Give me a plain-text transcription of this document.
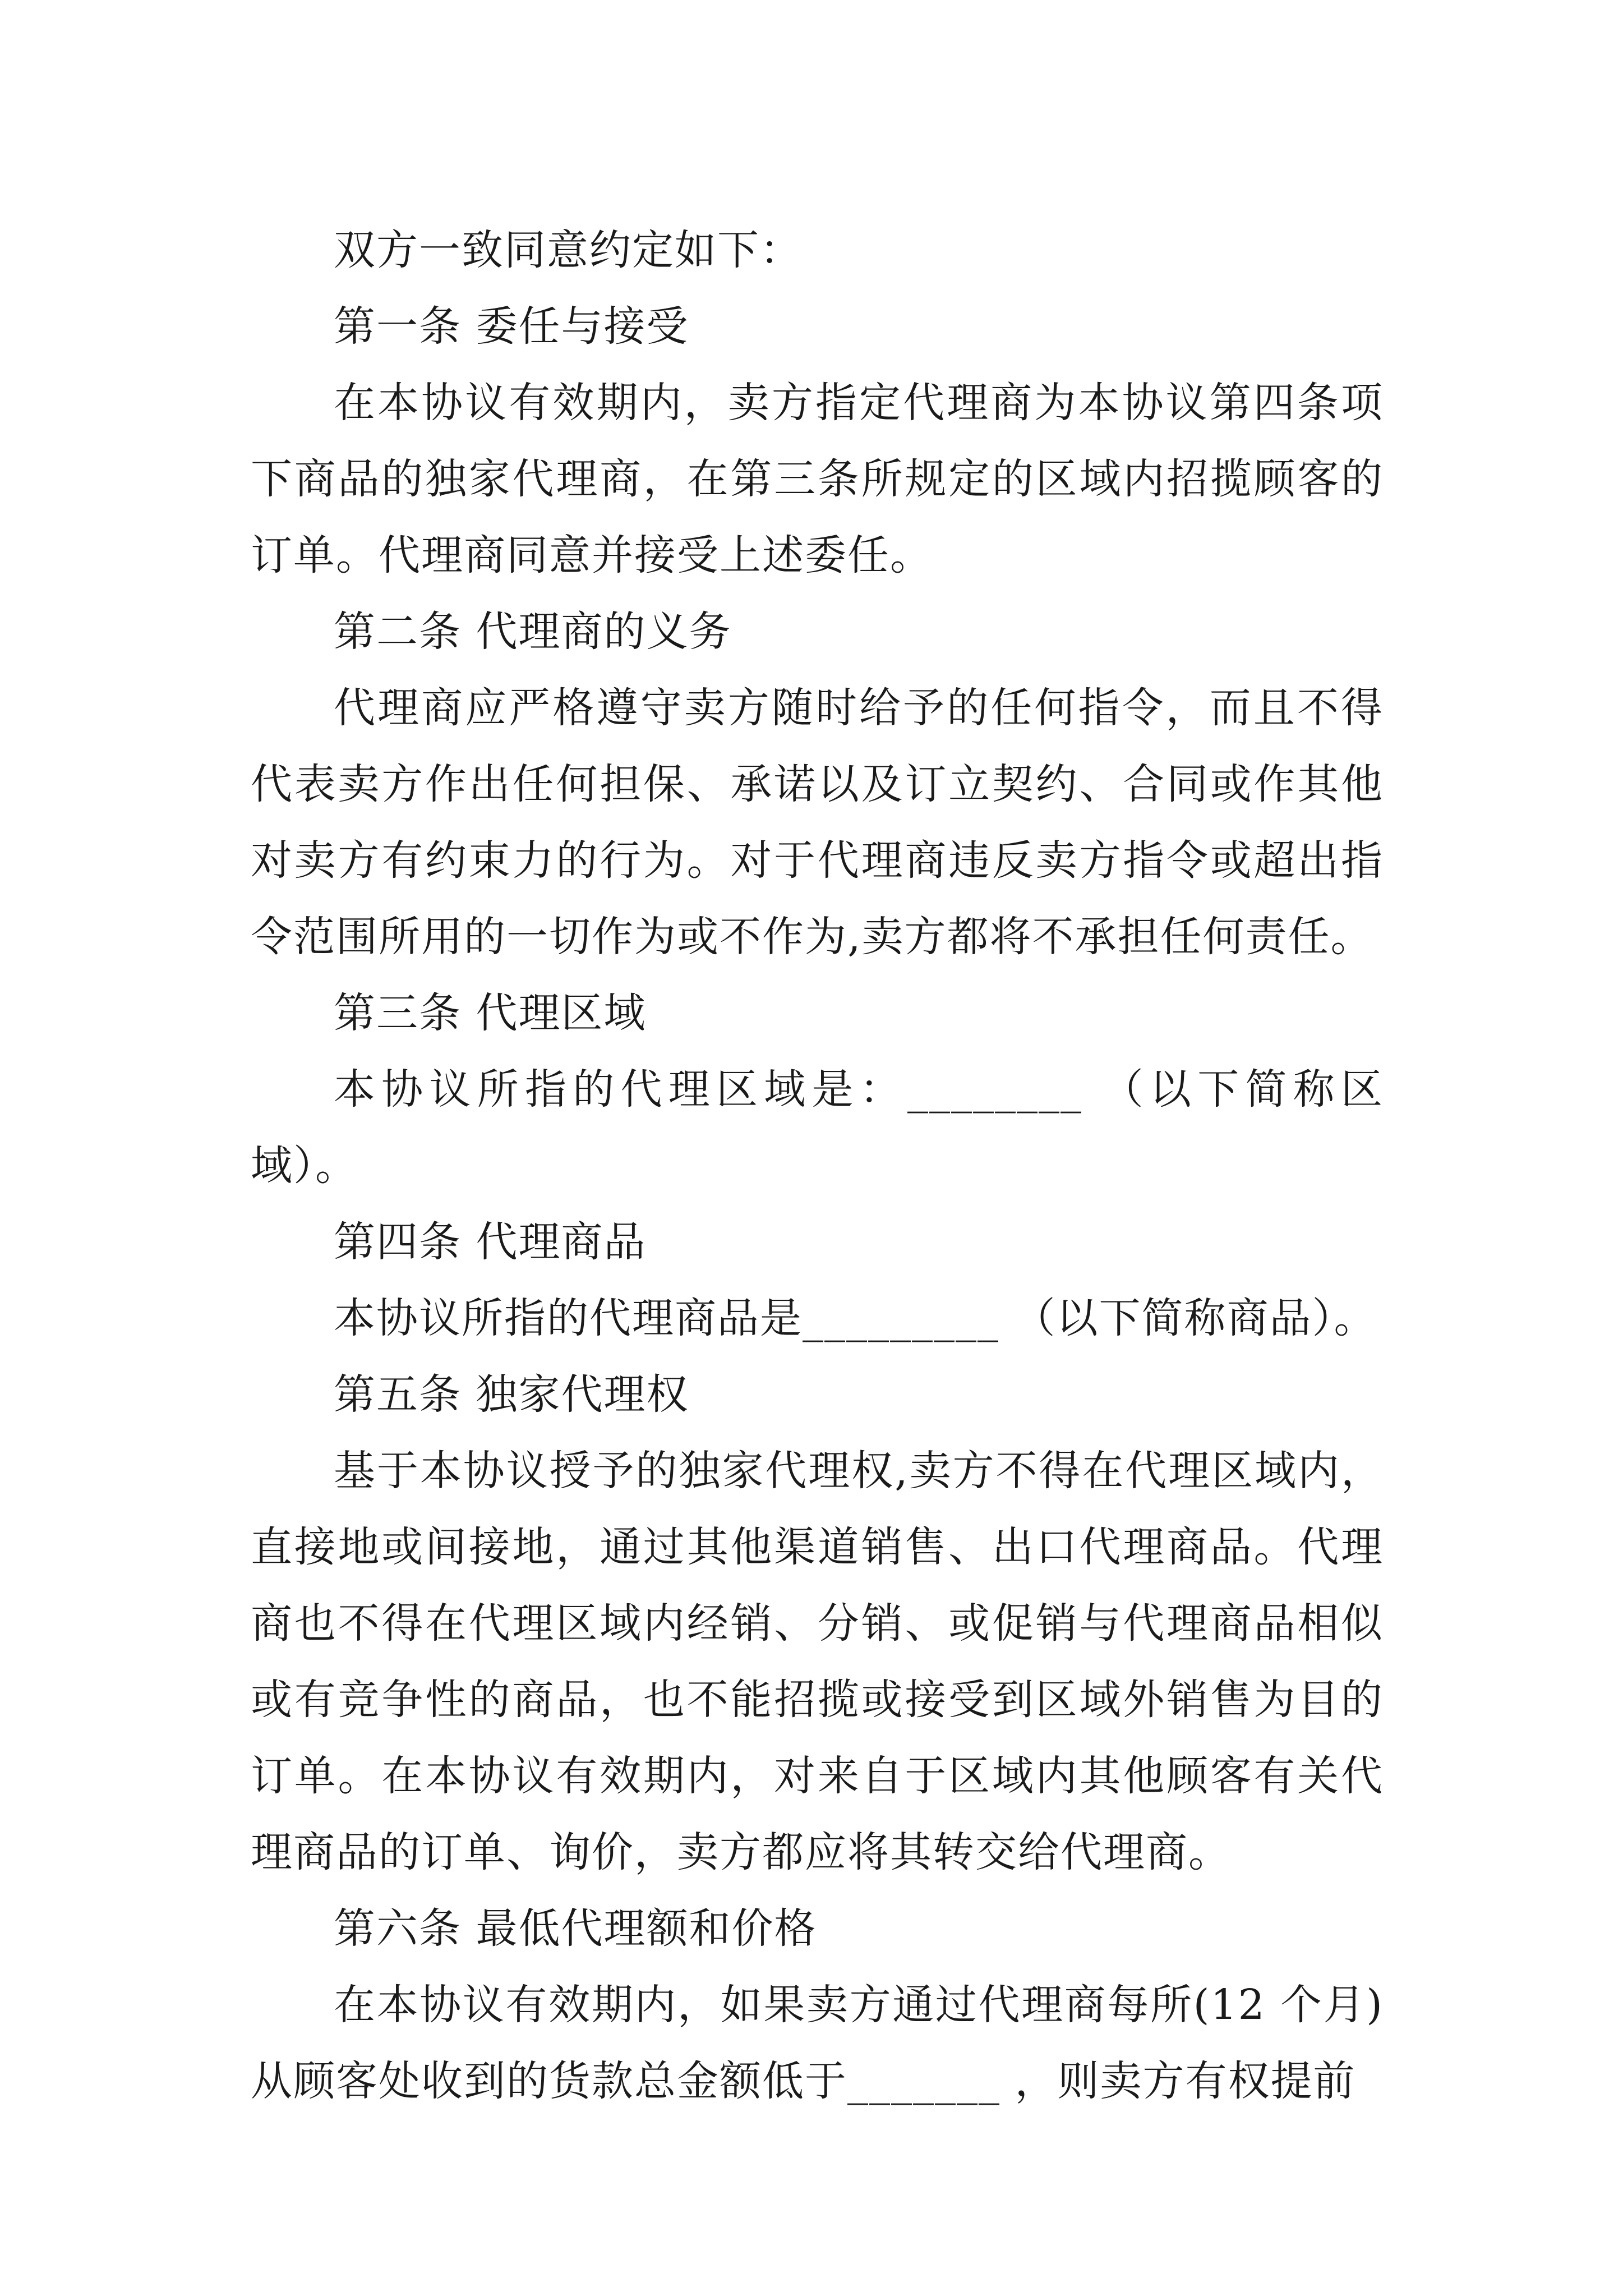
双方一致同意约定如下：

第一条 委任与接受

在本协议有效期内，卖方指定代理商为本协议第四条项下商品的独家代理商，在第三条所规定的区域内招揽顾客的订单。代理商同意并接受上述委任。

第二条 代理商的义务

代理商应严格遵守卖方随时给予的任何指令，而且不得代表卖方作出任何担保、承诺以及订立契约、合同或作其他对卖方有约束力的行为。对于代理商违反卖方指令或超出指令范围所用的一切作为或不作为,卖方都将不承担任何责任。

第三条 代理区域

本协议所指的代理区域是：________ （以下简称区域）。

第四条 代理商品

本协议所指的代理商品是_________ （以下简称商品）。

第五条 独家代理权

基于本协议授予的独家代理权,卖方不得在代理区域内，直接地或间接地，通过其他渠道销售、出口代理商品。代理商也不得在代理区域内经销、分销、或促销与代理商品相似或有竞争性的商品，也不能招揽或接受到区域外销售为目的订单。在本协议有效期内，对来自于区域内其他顾客有关代理商品的订单、询价，卖方都应将其转交给代理商。

第六条 最低代理额和价格

在本协议有效期内，如果卖方通过代理商每所(12 个月)从顾客处收到的货款总金额低于_______ ，则卖方有权提前
